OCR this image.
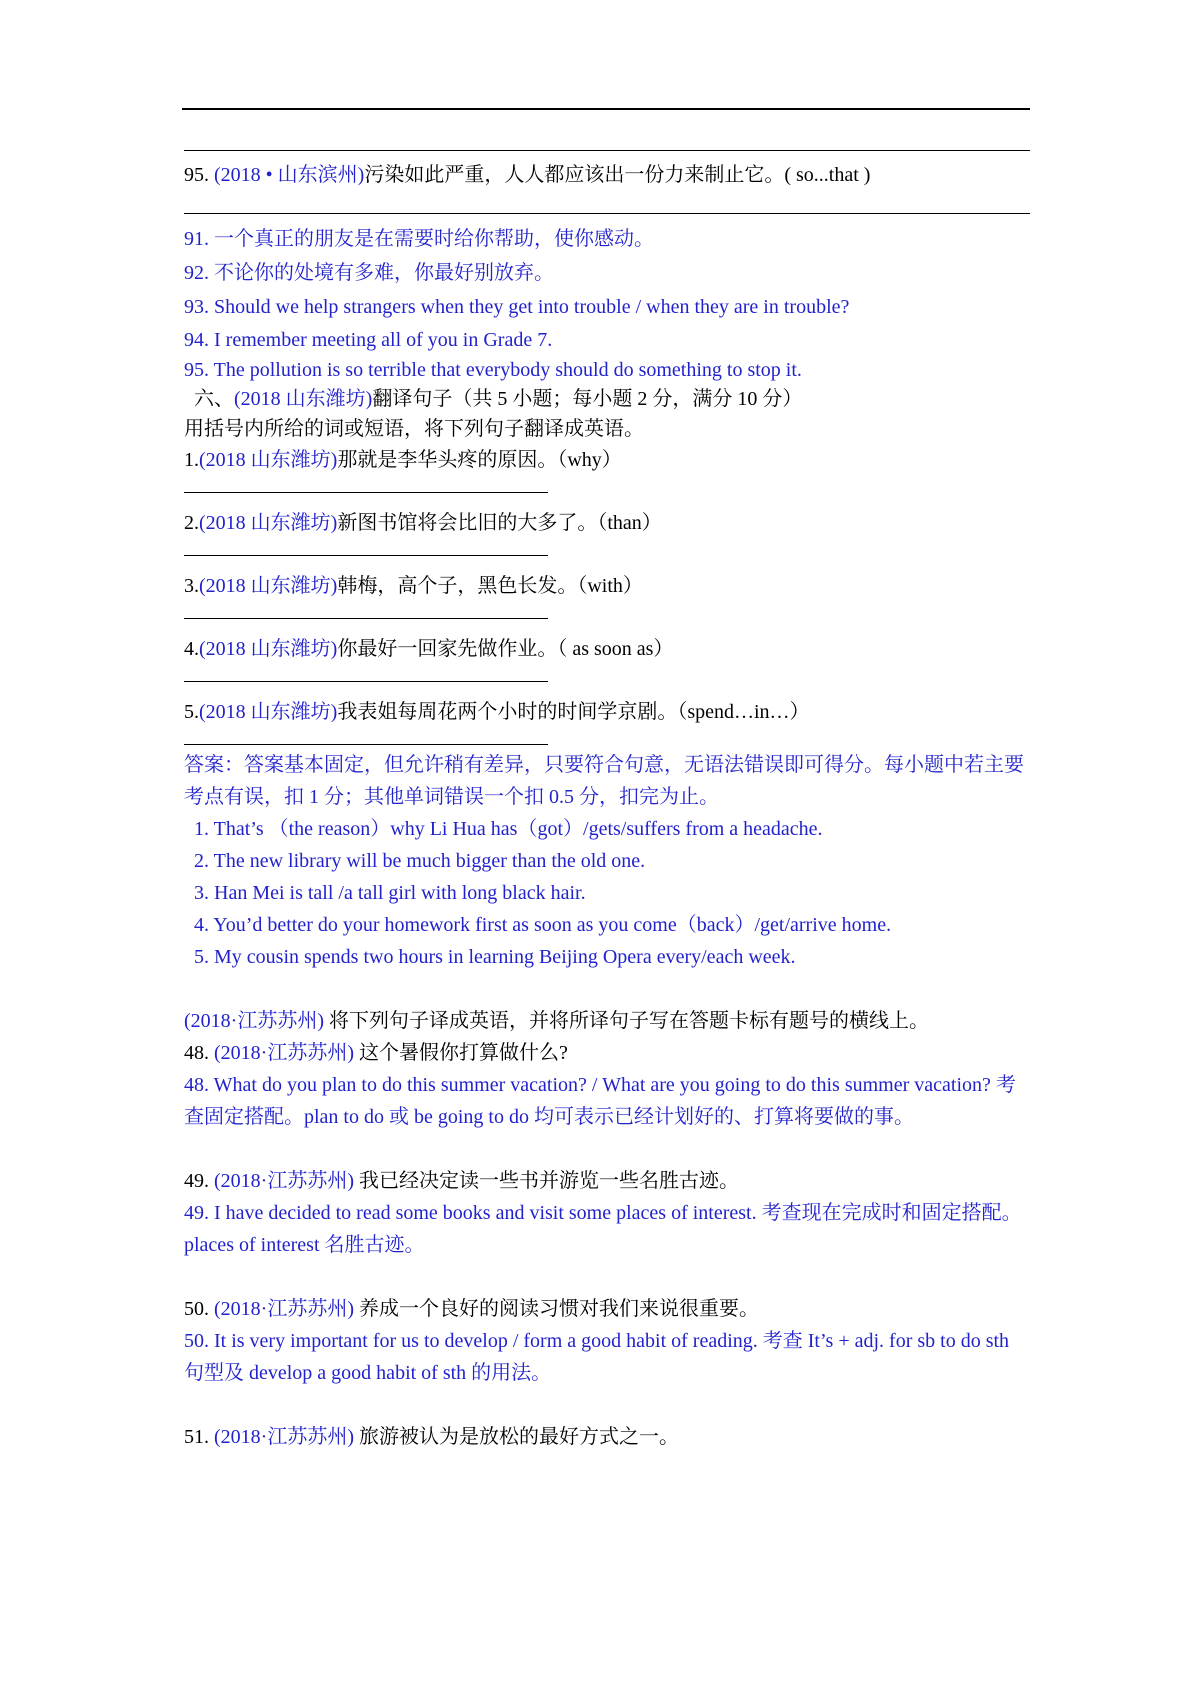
95. (2018 • 山东滨州)污染如此严重，人人都应该出一份力来制止它。( so...that )
91. 一个真正的朋友是在需要时给你帮助，使你感动。
92. 不论你的处境有多难，你最好别放弃。
93. Should we help strangers when they get into trouble / when they are in trouble?
94. I remember meeting all of you in Grade 7.
95. The pollution is so terrible that everybody should do something to stop it.
六、(2018 山东潍坊)翻译句子（共 5 小题；每小题 2 分，满分 10 分）
用括号内所给的词或短语，将下列句子翻译成英语。
1.(2018 山东潍坊)那就是李华头疼的原因。（why）
2.(2018 山东潍坊)新图书馆将会比旧的大多了。（than）
3.(2018 山东潍坊)韩梅，高个子，黑色长发。（with）
4.(2018 山东潍坊)你最好一回家先做作业。（ as soon as）
5.(2018 山东潍坊)我表姐每周花两个小时的时间学京剧。（spend…in…）
答案：答案基本固定，但允许稍有差异，只要符合句意，无语法错误即可得分。每小题中若主要考点有误，扣 1 分；其他单词错误一个扣 0.5 分，扣完为止。
1. That’s （the reason）why Li Hua has（got）/gets/suffers from a headache.
2. The new library will be much bigger than the old one.
3. Han Mei is tall /a tall girl with long black hair.
4. You’d better do your homework first as soon as you come（back）/get/arrive home.
5. My cousin spends two hours in learning Beijing Opera every/each week.
(2018·江苏苏州) 将下列句子译成英语，并将所译句子写在答题卡标有题号的横线上。
48. (2018·江苏苏州) 这个暑假你打算做什么?
48. What do you plan to do this summer vacation? / What are you going to do this summer vacation? 考查固定搭配。plan to do 或 be going to do 均可表示已经计划好的、打算将要做的事。
49. (2018·江苏苏州) 我已经决定读一些书并游览一些名胜古迹。
49. I have decided to read some books and visit some places of interest. 考查现在完成时和固定搭配。places of interest 名胜古迹。
50. (2018·江苏苏州) 养成一个良好的阅读习惯对我们来说很重要。
50. It is very important for us to develop / form a good habit of reading. 考查 It’s + adj. for sb to do sth 句型及 develop a good habit of sth 的用法。
51. (2018·江苏苏州) 旅游被认为是放松的最好方式之一。
